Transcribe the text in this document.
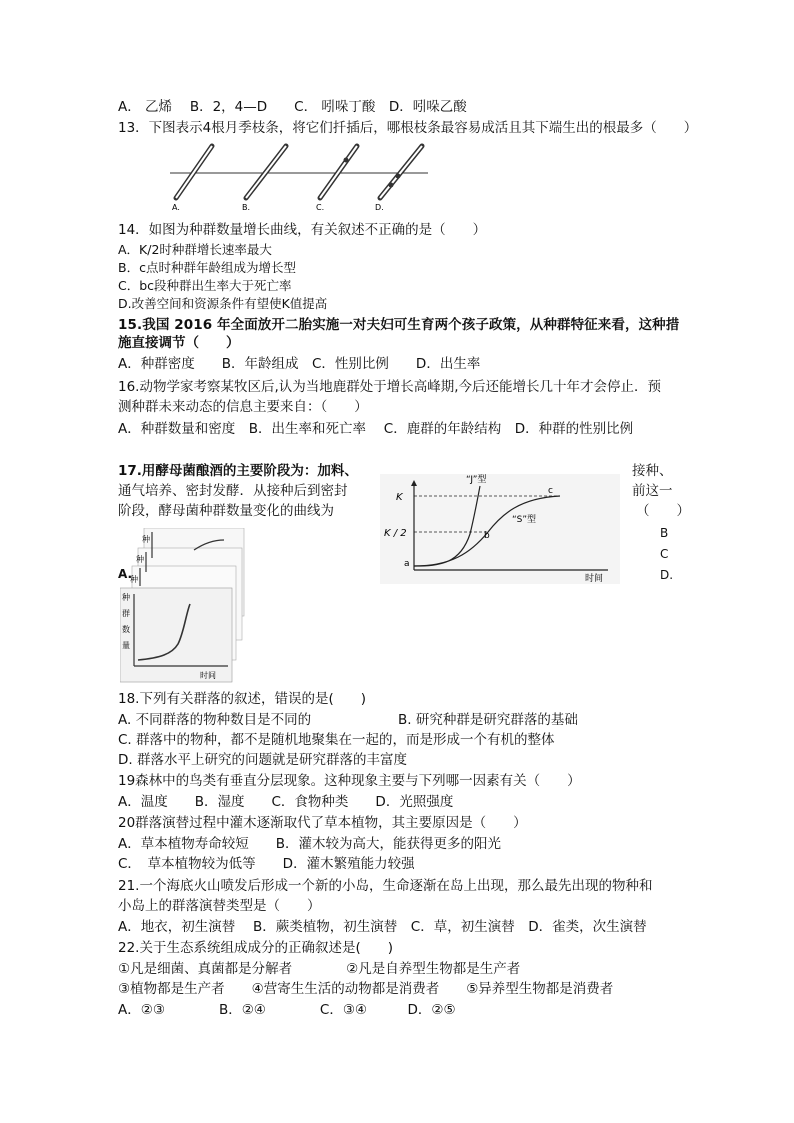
A． 乙烯　 B．2，4—D　　C． 吲哚丁酸　D．吲哚乙酸
13．下图表示4根月季枝条，将它们扦插后，哪根枝条最容易成活且其下端生出的根最多（　　）
A.	B.	C.	D.
14．如图为种群数量增长曲线，有关叙述不正确的是（　　）
A．K/2时种群增长速率最大
B．c点时种群年龄组成为增长型
C．bc段种群出生率大于死亡率
D.改善空间和资源条件有望使K值提高
15.我国 2016 年全面放开二胎实施一对夫妇可生育两个孩子政策，从种群特征来看，这种措
施直接调节（　　）
A．种群密度　　B．年龄组成　C．性别比例　　D．出生率
16.动物学家考察某牧区后,认为当地鹿群处于增长高峰期,今后还能增长几十年才会停止．预
测种群未来动态的信息主要来自：（　　）
A．种群数量和密度　B．出生率和死亡率　 C．鹿群的年龄结构　D．种群的性别比例
17.用酵母菌酿酒的主要阶段为：加料、	接种、
通气培养、密封发酵．从接种后到密封	前这一
阶段，酵母菌种群数量变化的曲线为	（　　）
B
C
D.
K
K / 2
“J”型
“S”型
a
b
c
时间
种
种
种
种
群
数
量
时间
A.
18.下列有关群落的叙述，错误的是(　　)
A. 不同群落的物种数目是不同的	B. 研究种群是研究群落的基础
C. 群落中的物种，都不是随机地聚集在一起的，而是形成一个有机的整体
D. 群落水平上研究的问题就是研究群落的丰富度
19森林中的鸟类有垂直分层现象。这种现象主要与下列哪一因素有关（　　）
A．温度　　B．湿度　　C．食物种类　　D．光照强度
20群落演替过程中灌木逐渐取代了草本植物，其主要原因是（　　）
A．草本植物寿命较短　　B．灌木较为高大，能获得更多的阳光
C．　草本植物较为低等　　D．灌木繁殖能力较强
21.一个海底火山喷发后形成一个新的小岛，生命逐渐在岛上出现，那么最先出现的物种和
小岛上的群落演替类型是（　　）
A．地衣，初生演替　 B．蕨类植物，初生演替　C．草，初生演替　D．雀类，次生演替
22.关于生态系统组成成分的正确叙述是(　　)
①凡是细菌、真菌都是分解者　　　　②凡是自养型生物都是生产者
③植物都是生产者　　④营寄生生活的动物都是消费者　　⑤异养型生物都是消费者
A．②③　　　　B．②④　　　　C．③④　　　D．②⑤
